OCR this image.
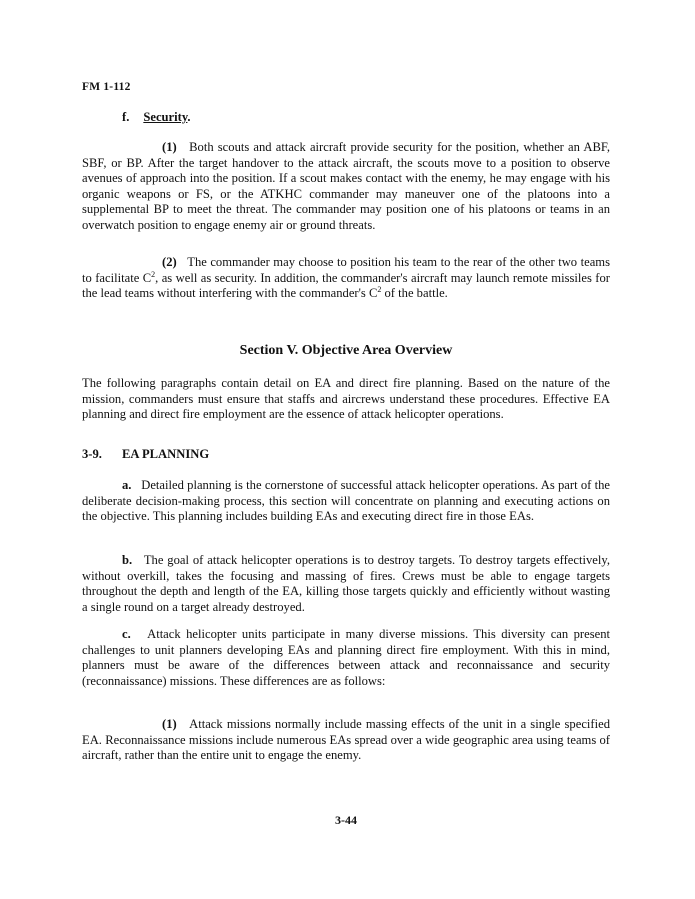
FM 1-112
f. Security.

(1) Both scouts and attack aircraft provide security for the position, whether an ABF, SBF, or BP. After the target handover to the attack aircraft, the scouts move to a position to observe avenues of approach into the position. If a scout makes contact with the enemy, he may engage with his organic weapons or FS, or the ATKHC commander may maneuver one of the platoons into a supplemental BP to meet the threat. The commander may position one of his platoons or teams in an overwatch position to engage enemy air or ground threats.

(2) The commander may choose to position his team to the rear of the other two teams to facilitate $C^2$, as well as security. In addition, the commander's aircraft may launch remote missiles for the lead teams without interfering with the commander's $C^2$ of the battle.

Section V. Objective Area Overview

The following paragraphs contain detail on EA and direct fire planning. Based on the nature of the mission, commanders must ensure that staffs and aircrews understand these procedures. Effective EA planning and direct fire employment are the essence of attack helicopter operations.

3-9. EA PLANNING

a. Detailed planning is the cornerstone of successful attack helicopter operations. As part of the deliberate decision-making process, this section will concentrate on planning and executing actions on the objective. This planning includes building EAs and executing direct fire in those EAs.

b. The goal of attack helicopter operations is to destroy targets. To destroy targets effectively, without overkill, takes the focusing and massing of fires. Crews must be able to engage targets throughout the depth and length of the EA, killing those targets quickly and efficiently without wasting a single round on a target already destroyed.

c. Attack helicopter units participate in many diverse missions. This diversity can present challenges to unit planners developing EAs and planning direct fire employment. With this in mind, planners must be aware of the differences between attack and reconnaissance and security (reconnaissance) missions. These differences are as follows:

(1) Attack missions normally include massing effects of the unit in a single specified EA. Reconnaissance missions include numerous EAs spread over a wide geographic area using teams of aircraft, rather than the entire unit to engage the enemy.

3-44
